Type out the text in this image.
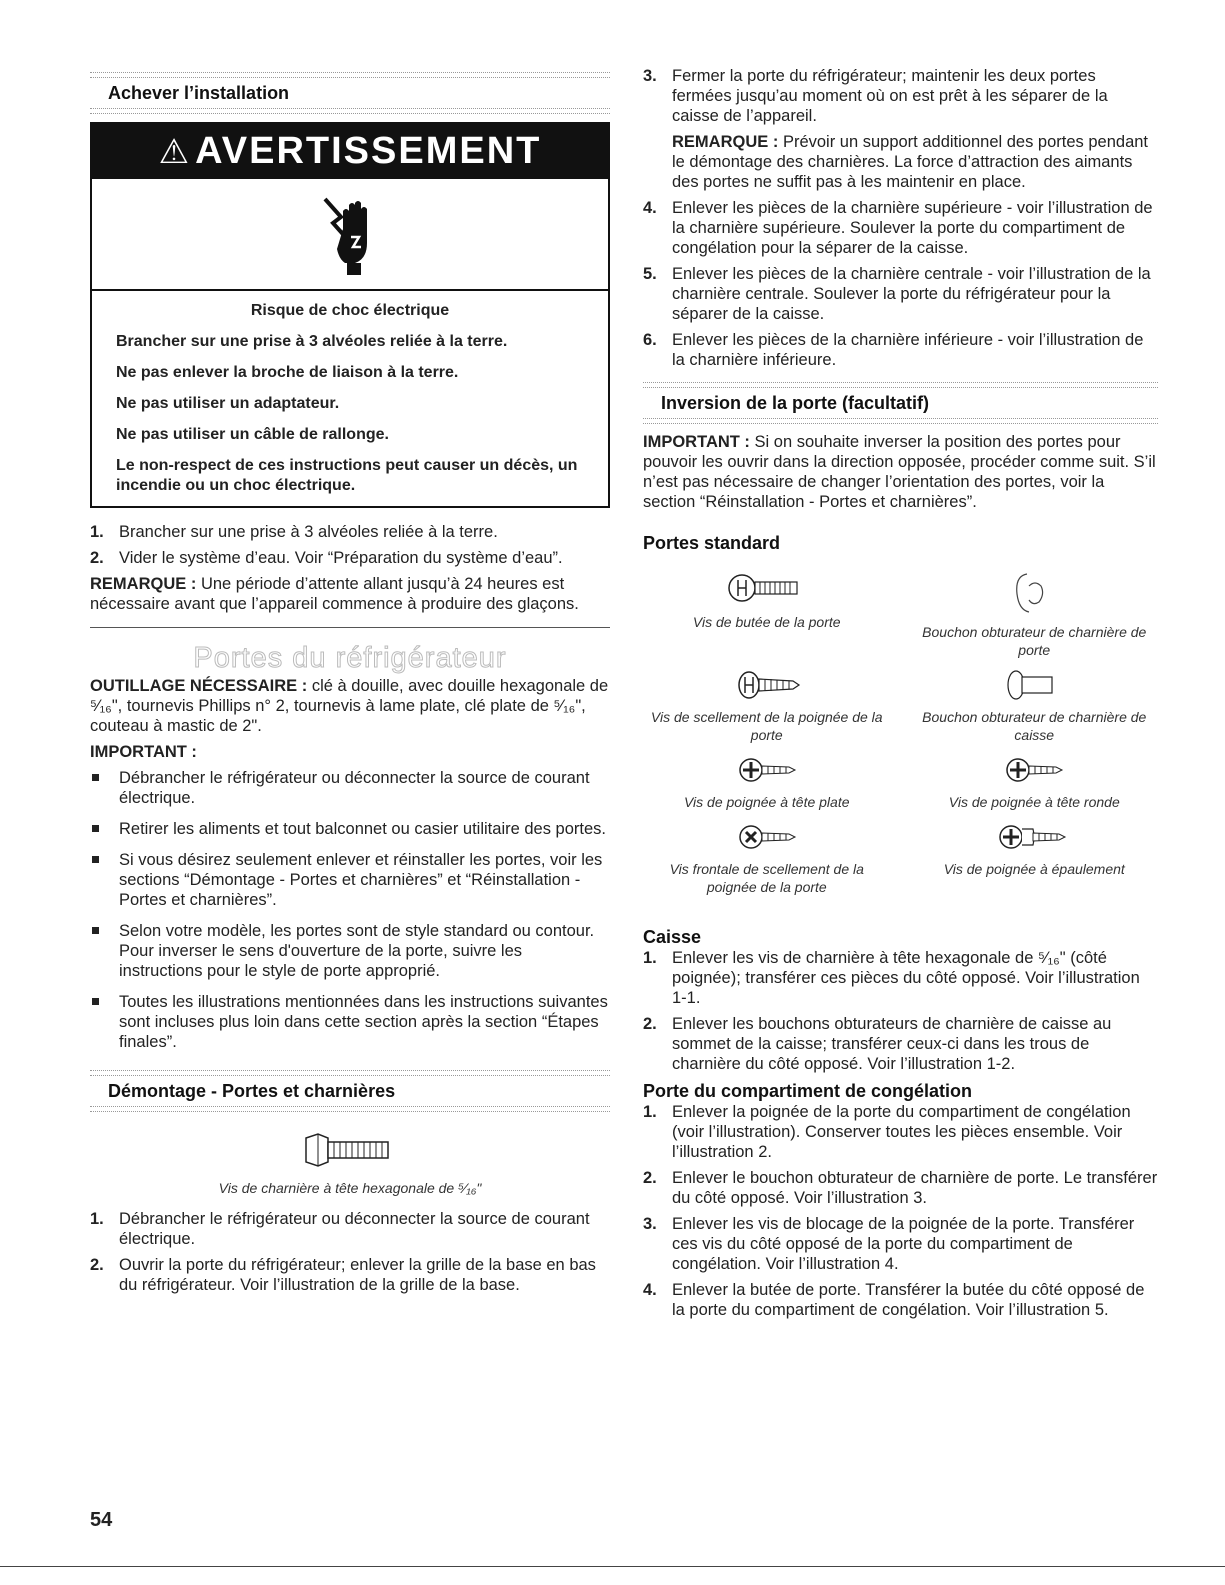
Achever l’installation
⚠ AVERTISSEMENT

Risque de choc électrique

Brancher sur une prise à 3 alvéoles reliée à la terre.

Ne pas enlever la broche de liaison à la terre.

Ne pas utiliser un adaptateur.

Ne pas utiliser un câble de rallonge.

Le non-respect de ces instructions peut causer un décès, un incendie ou un choc électrique.

1. Brancher sur une prise à 3 alvéoles reliée à la terre.
2. Vider le système d’eau. Voir “Préparation du système d’eau”.

REMARQUE : Une période d’attente allant jusqu’à 24 heures est nécessaire avant que l’appareil commence à produire des glaçons.

Portes du réfrigérateur

OUTILLAGE NÉCESSAIRE : clé à douille, avec douille hexagonale de ⁵⁄₁₆", tournevis Phillips n° 2, tournevis à lame plate, clé plate de ⁵⁄₁₆", couteau à mastic de 2".

IMPORTANT :

Débrancher le réfrigérateur ou déconnecter la source de courant électrique.
Retirer les aliments et tout balconnet ou casier utilitaire des portes.
Si vous désirez seulement enlever et réinstaller les portes, voir les sections “Démontage - Portes et charnières” et “Réinstallation - Portes et charnières”.
Selon votre modèle, les portes sont de style standard ou contour. Pour inverser le sens d'ouverture de la porte, suivre les instructions pour le style de porte approprié.
Toutes les illustrations mentionnées dans les instructions suivantes sont incluses plus loin dans cette section après la section “Étapes finales”.
Démontage - Portes et charnières

Vis de charnière à tête hexagonale de ⁵⁄₁₆"

1. Débrancher le réfrigérateur ou déconnecter la source de courant électrique.
2. Ouvrir la porte du réfrigérateur; enlever la grille de la base en bas du réfrigérateur. Voir l’illustration de la grille de la base.
3. Fermer la porte du réfrigérateur; maintenir les deux portes fermées jusqu’au moment où on est prêt à les séparer de la caisse de l’appareil.

REMARQUE : Prévoir un support additionnel des portes pendant le démontage des charnières. La force d’attraction des aimants des portes ne suffit pas à les maintenir en place.

4. Enlever les pièces de la charnière supérieure - voir l’illustration de la charnière supérieure. Soulever la porte du compartiment de congélation pour la séparer de la caisse.
5. Enlever les pièces de la charnière centrale - voir l’illustration de la charnière centrale. Soulever la porte du réfrigérateur pour la séparer de la caisse.
6. Enlever les pièces de la charnière inférieure - voir l’illustration de la charnière inférieure.
Inversion de la porte (facultatif)

IMPORTANT : Si on souhaite inverser la position des portes pour pouvoir les ouvrir dans la direction opposée, procéder comme suit. S’il n’est pas nécessaire de changer l’orientation des portes, voir la section “Réinstallation - Portes et charnières”.

Portes standard

Vis de butée de la porte

Bouchon obturateur de charnière de porte

Vis de scellement de la poignée de la porte

Bouchon obturateur de charnière de caisse

Vis de poignée à tête plate	Vis de poignée à tête ronde

Vis frontale de scellement de la poignée de la porte

Vis de poignée à épaulement

Caisse

1. Enlever les vis de charnière à tête hexagonale de ⁵⁄₁₆" (côté poignée); transférer ces pièces du côté opposé. Voir l’illustration 1-1.
2. Enlever les bouchons obturateurs de charnière de caisse au sommet de la caisse; transférer ceux-ci dans les trous de charnière du côté opposé. Voir l’illustration 1-2.

Porte du compartiment de congélation

1. Enlever la poignée de la porte du compartiment de congélation (voir l’illustration). Conserver toutes les pièces ensemble. Voir l’illustration 2.
2. Enlever le bouchon obturateur de charnière de porte. Le transférer du côté opposé. Voir l’illustration 3.
3. Enlever les vis de blocage de la poignée de la porte. Transférer ces vis du côté opposé de la porte du compartiment de congélation. Voir l’illustration 4.
4. Enlever la butée de porte. Transférer la butée du côté opposé de la porte du compartiment de congélation. Voir l’illustration 5.
54
